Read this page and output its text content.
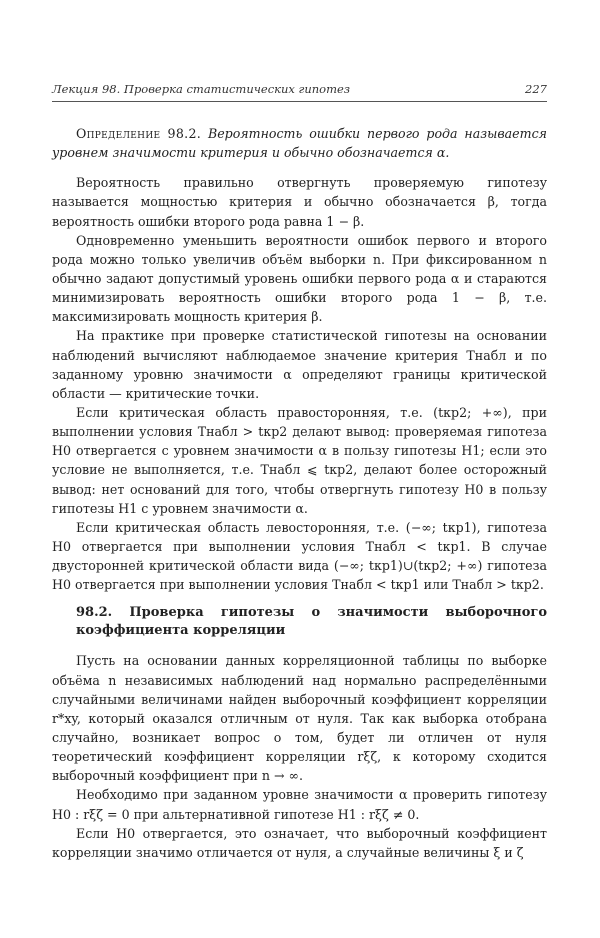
Лекция 98. Проверка статистических гипотез	227

Определение 98.2. Вероятность ошибки первого рода называется уровнем значимости критерия и обычно обозначается α.

Вероятность правильно отвергнуть проверяемую гипотезу называется мощностью критерия и обычно обозначается β, тогда вероятность ошибки второго рода равна 1 − β.

Одновременно уменьшить вероятности ошибок первого и второго рода можно только увеличив объём выборки n. При фиксированном n обычно задают допустимый уровень ошибки первого рода α и стараются минимизировать вероятность ошибки второго рода 1 − β, т.е. максимизировать мощность критерия β.

На практике при проверке статистической гипотезы на основании наблюдений вычисляют наблюдаемое значение критерия Tнабл и по заданному уровню значимости α определяют границы критической области — критические точки.

Если критическая область правосторонняя, т.е. (tкр2; +∞), при выполнении условия Tнабл > tкр2 делают вывод: проверяемая гипотеза H0 отвергается с уровнем значимости α в пользу гипотезы H1; если это условие не выполняется, т.е. Tнабл ⩽ tкр2, делают более осторожный вывод: нет оснований для того, чтобы отвергнуть гипотезу H0 в пользу гипотезы H1 с уровнем значимости α.

Если критическая область левосторонняя, т.е. (−∞; tкр1), гипотеза H0 отвергается при выполнении условия Tнабл < tкр1. В случае двусторонней критической области вида (−∞; tкр1)∪(tкр2; +∞) гипотеза H0 отвергается при выполнении условия Tнабл < tкр1 или Tнабл > tкр2.

98.2. Проверка гипотезы о значимости выборочного коэффициента корреляции

Пусть на основании данных корреляционной таблицы по выборке объёма n независимых наблюдений над нормально распределёнными случайными величинами найден выборочный коэффициент корреляции r*xy, который оказался отличным от нуля. Так как выборка отобрана случайно, возникает вопрос о том, будет ли отличен от нуля теоретический коэффициент корреляции rξζ, к которому сходится выборочный коэффициент при n → ∞.

Необходимо при заданном уровне значимости α проверить гипотезу H0 : rξζ = 0 при альтернативной гипотезе H1 : rξζ ≠ 0.

Если H0 отвергается, это означает, что выборочный коэффициент корреляции значимо отличается от нуля, а случайные величины ξ и ζ
